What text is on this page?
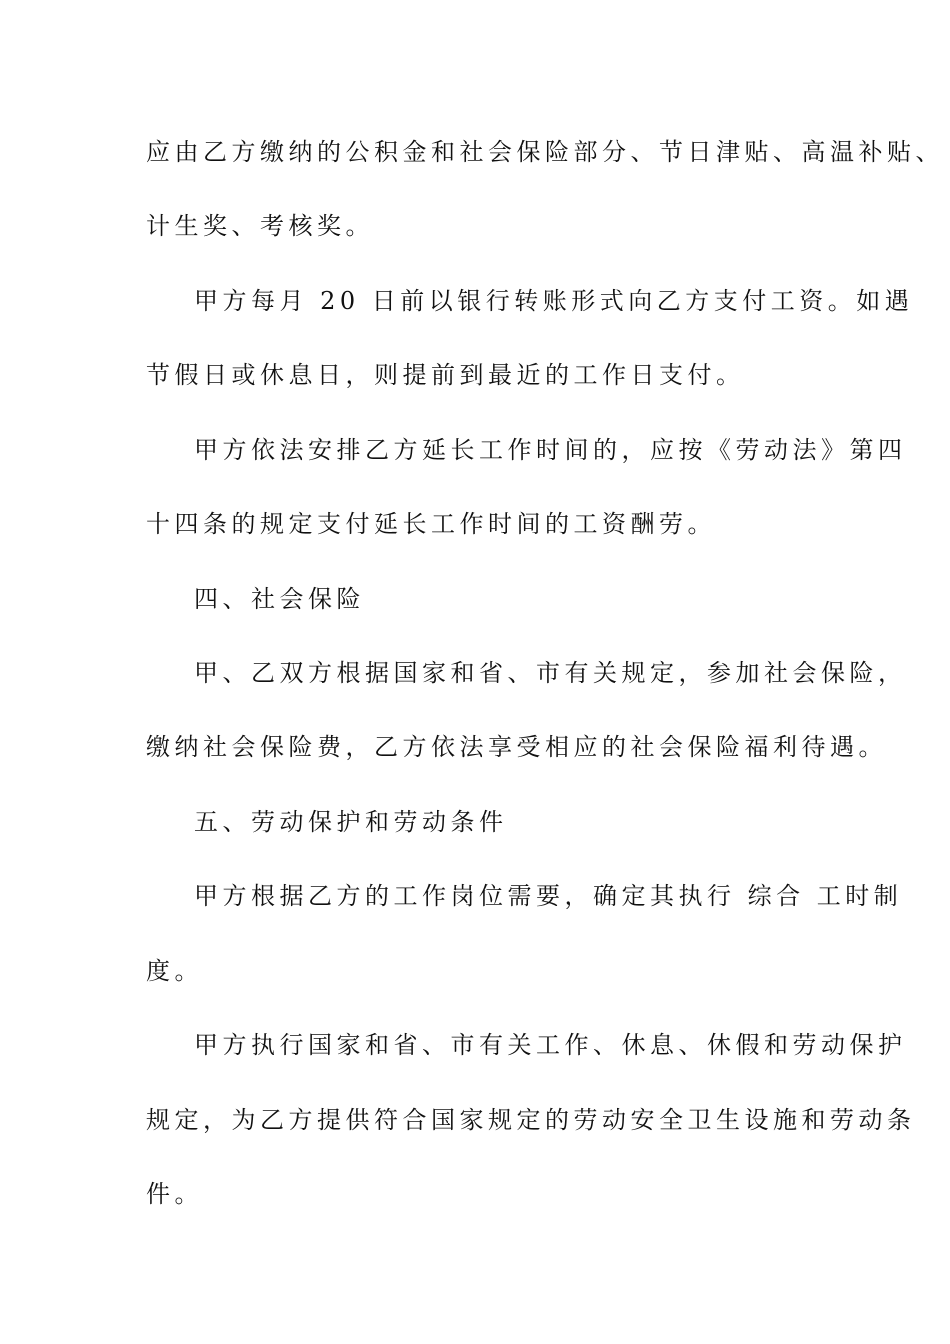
应由乙方缴纳的公积金和社会保险部分、节日津贴、高温补贴、
计生奖、考核奖。
甲方每月 20 日前以银行转账形式向乙方支付工资。如遇
节假日或休息日，则提前到最近的工作日支付。
甲方依法安排乙方延长工作时间的，应按《劳动法》第四
十四条的规定支付延长工作时间的工资酬劳。
四、社会保险
甲、乙双方根据国家和省、市有关规定，参加社会保险，
缴纳社会保险费，乙方依法享受相应的社会保险福利待遇。
五、劳动保护和劳动条件
甲方根据乙方的工作岗位需要，确定其执行 综合 工时制
度。
甲方执行国家和省、市有关工作、休息、休假和劳动保护
规定，为乙方提供符合国家规定的劳动安全卫生设施和劳动条
件。
